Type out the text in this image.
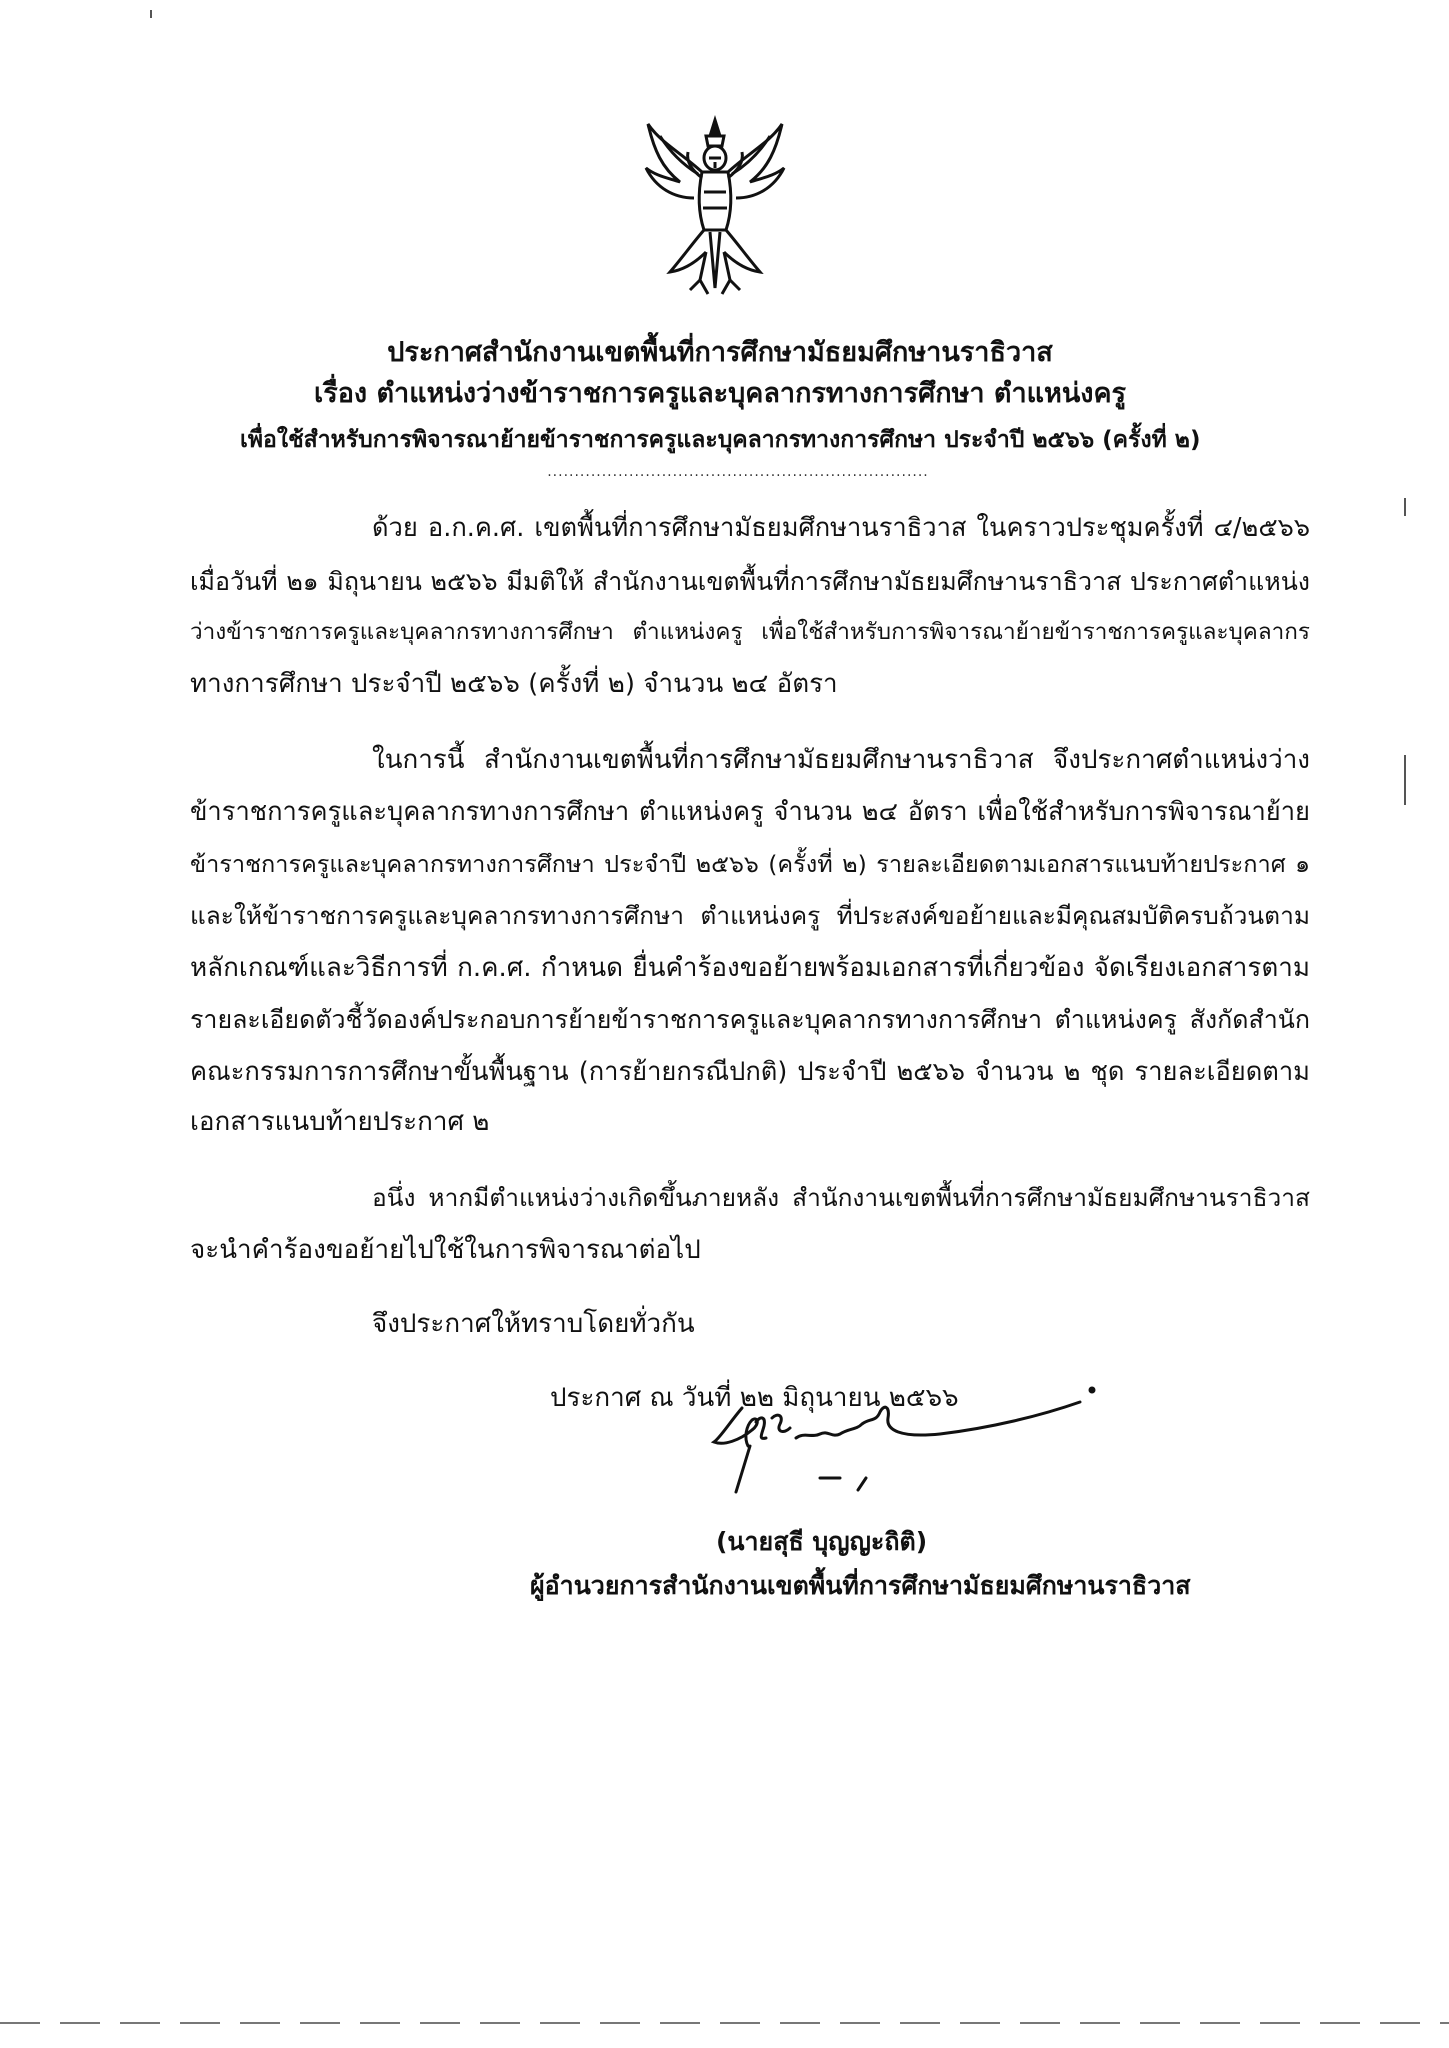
ประกาศสำนักงานเขตพื้นที่การศึกษามัธยมศึกษานราธิวาส
เรื่อง ตำแหน่งว่างข้าราชการครูและบุคลากรทางการศึกษา ตำแหน่งครู
เพื่อใช้สำหรับการพิจารณาย้ายข้าราชการครูและบุคลากรทางการศึกษา ประจำปี ๒๕๖๖ (ครั้งที่ ๒)
......................................................................
ด้วย อ.ก.ค.ศ. เขตพื้นที่การศึกษามัธยมศึกษานราธิวาส ในคราวประชุมครั้งที่ ๔/๒๕๖๖
เมื่อวันที่ ๒๑ มิถุนายน ๒๕๖๖ มีมติให้ สำนักงานเขตพื้นที่การศึกษามัธยมศึกษานราธิวาส ประกาศตำแหน่ง
ว่างข้าราชการครูและบุคลากรทางการศึกษา ตำแหน่งครู เพื่อใช้สำหรับการพิจารณาย้ายข้าราชการครูและบุคลากร
ทางการศึกษา ประจำปี ๒๕๖๖ (ครั้งที่ ๒) จำนวน ๒๔ อัตรา
ในการนี้ สำนักงานเขตพื้นที่การศึกษามัธยมศึกษานราธิวาส จึงประกาศตำแหน่งว่าง
ข้าราชการครูและบุคลากรทางการศึกษา ตำแหน่งครู จำนวน ๒๔ อัตรา เพื่อใช้สำหรับการพิจารณาย้าย
ข้าราชการครูและบุคลากรทางการศึกษา ประจำปี ๒๕๖๖ (ครั้งที่ ๒) รายละเอียดตามเอกสารแนบท้ายประกาศ ๑
และให้ข้าราชการครูและบุคลากรทางการศึกษา ตำแหน่งครู ที่ประสงค์ขอย้ายและมีคุณสมบัติครบถ้วนตาม
หลักเกณฑ์และวิธีการที่ ก.ค.ศ. กำหนด ยื่นคำร้องขอย้ายพร้อมเอกสารที่เกี่ยวข้อง จัดเรียงเอกสารตาม
รายละเอียดตัวชี้วัดองค์ประกอบการย้ายข้าราชการครูและบุคลากรทางการศึกษา ตำแหน่งครู สังกัดสำนัก
คณะกรรมการการศึกษาขั้นพื้นฐาน (การย้ายกรณีปกติ) ประจำปี ๒๕๖๖ จำนวน ๒ ชุด รายละเอียดตาม
เอกสารแนบท้ายประกาศ ๒
อนึ่ง หากมีตำแหน่งว่างเกิดขึ้นภายหลัง สำนักงานเขตพื้นที่การศึกษามัธยมศึกษานราธิวาส
จะนำคำร้องขอย้ายไปใช้ในการพิจารณาต่อไป
จึงประกาศให้ทราบโดยทั่วกัน
ประกาศ ณ วันที่ ๒๒ มิถุนายน ๒๕๖๖
(นายสุธี บุญญะถิติ)
ผู้อำนวยการสำนักงานเขตพื้นที่การศึกษามัธยมศึกษานราธิวาส
